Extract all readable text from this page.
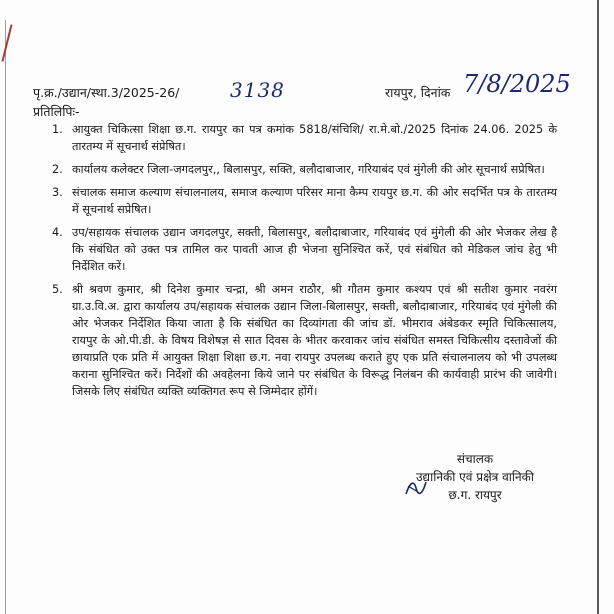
पृ.क्र./उद्यान/स्था.3/2025-26/	3138	रायपुर, दिनांक 7/8/2025
प्रतिलिपिः-
1. आयुक्त चिकित्सा शिक्षा छ.ग. रायपुर का पत्र कमांक 5818/संचिशि/ रा.मे.बो./2025 दिनांक 24.06. 2025 के तारतम्य में सूचनार्थ संप्रेषित।
2. कार्यालय कलेक्टर जिला-जगदलपुर,, बिलासपुर, सक्ति, बलौदाबाजार, गरियाबंद एवं मुंगेली की ओर सूचनार्थ सप्रेषित।
3. संचालक समाज कल्याण संचालनालय, समाज कल्याण परिसर माना कैम्प रायपुर छ.ग. की ओर सदर्भित पत्र के तारतम्य में सूचनार्थ सप्रेषित।
4. उप/सहायक संचालक उद्यान जगदलपुर, सक्ती, बिलासपुर, बलौदाबाजार, गरियाबंद एवं मुंगेली की ओर भेजकर लेख है कि संबंधित को उक्त पत्र तामिल कर पावती आज ही भेजना सुनिश्चित करें, एवं संबंधित को मेडिकल जांच हेतु भी निर्देशित करें।
5. श्री श्रवण कुमार, श्री दिनेश कुमार चन्द्रा, श्री अमन राठौर, श्री गौतम कुमार कश्यप एवं श्री सतीश कुमार नवरंग ग्रा.उ.वि.अ. द्वारा कार्यालय उप/सहायक संचालक उद्यान जिला-बिलासपुर, सक्ती, बलौदाबाजार, गरियाबंद एवं मुंगेली की ओर भेजकर निर्देशित किया जाता है कि संबंधित का दिव्यांगता की जांच डॉ. भीमराव अंबेडकर स्मृति चिकित्सालय, रायपुर के ओ.पी.डी. के विषय विशेषज्ञ से सात दिवस के भीतर करवाकर जांच संबंधित समस्त चिकित्सीय दस्तावेजों की छायाप्रति एक प्रति में आयुक्त शिक्षा शिक्षा छ.ग. नवा रायपुर उपलब्ध कराते हुए एक प्रति संचालनालय को भी उपलब्ध कराना सुनिश्चित करें। निर्देशों की अवहेलना किये जाने पर संबंधित के विरूद्ध निलंबन की कार्यवाही प्रारंभ की जावेगी। जिसके लिए संबंधित व्यक्ति व्यक्तिगत रूप से जिम्मेदार होंगें।
संचालक
उद्यानिकी एवं प्रक्षेत्र वानिकी
छ.ग. रायपुर
